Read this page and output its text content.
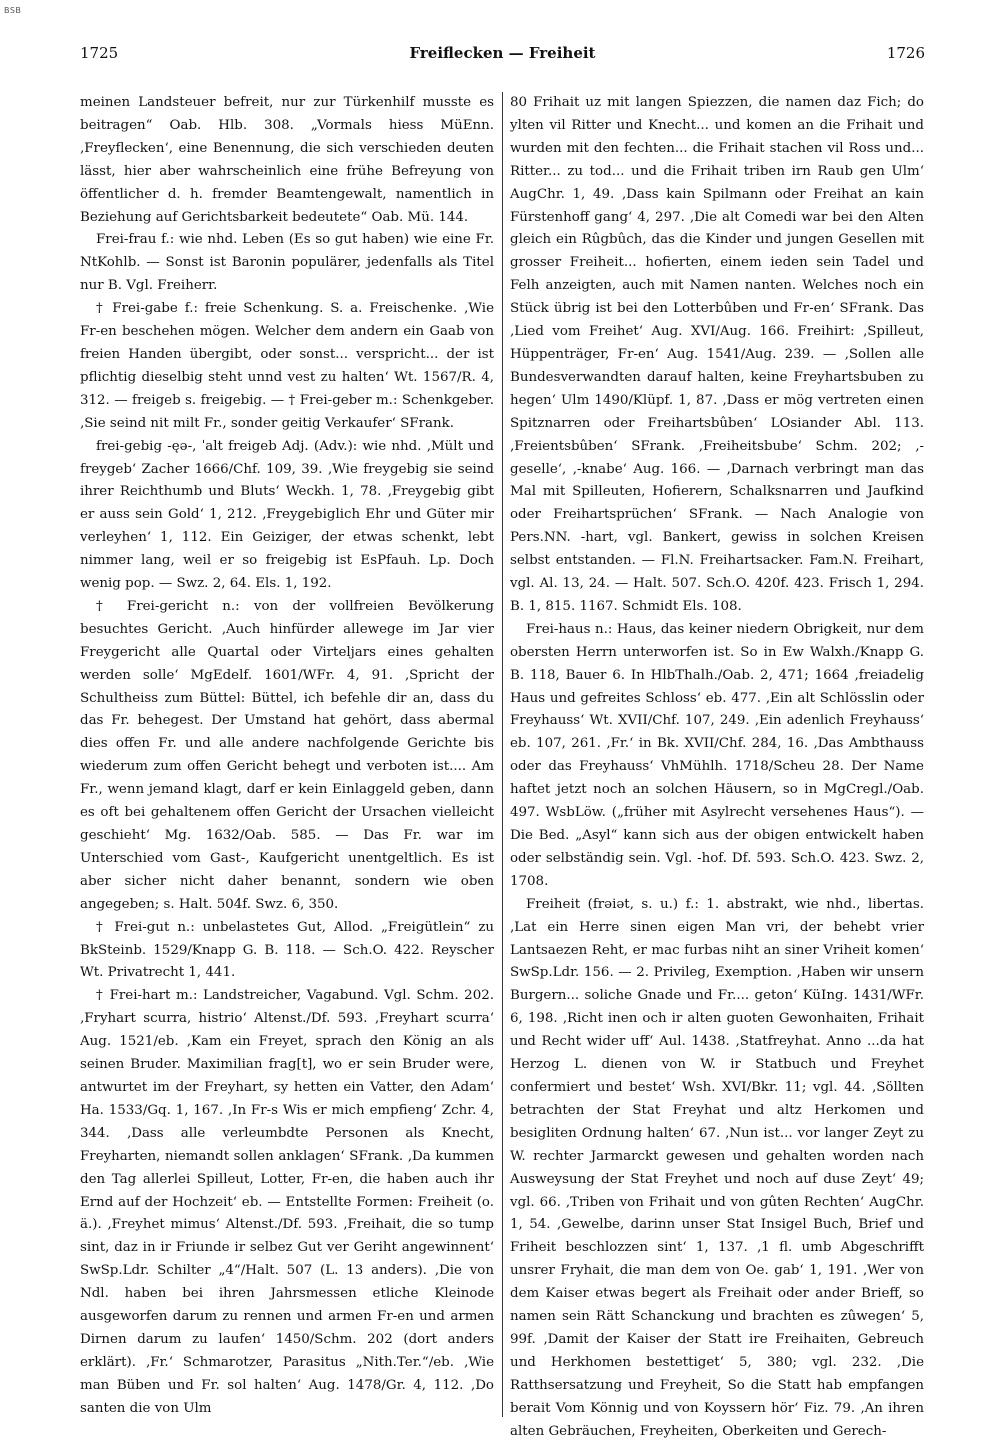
BSB
1725	Freiflecken — Freiheit	1726

meinen Landsteuer befreit, nur zur Türkenhilf musste es beitragen“ Oab. Hlb. 308. „Vormals hiess MüEnn. ‚Freyflecken‘, eine Benennung, die sich verschieden deuten lässt, hier aber wahrscheinlich eine frühe Befreyung von öffentlicher d. h. fremder Beamtengewalt, namentlich in Beziehung auf Gerichtsbarkeit bedeutete“ Oab. Mü. 144.

Frei-frau f.: wie nhd. Leben (Es so gut haben) wie eine Fr. NtKohlb. — Sonst ist Baronin populärer, jedenfalls als Titel nur B. Vgl. Freiherr.

† Frei-gabe f.: freie Schenkung. S. a. Freischenke. ‚Wie Fr-en beschehen mögen. Welcher dem andern ein Gaab von freien Handen übergibt, oder sonst... verspricht... der ist pflichtig dieselbig steht unnd vest zu halten‘ Wt. 1567/R. 4, 312. — freigeb s. freigebig. — † Frei-geber m.: Schenkgeber. ‚Sie seind nit milt Fr., sonder geitig Verkaufer‘ SFrank.

frei-gebig -ęə-, ˈalt freigeb Adj. (Adv.): wie nhd. ‚Mült und freygeb‘ Zacher 1666/Chf. 109, 39. ‚Wie freygebig sie seind ihrer Reichthumb und Bluts‘ Weckh. 1, 78. ‚Freygebig gibt er auss sein Gold‘ 1, 212. ‚Freygebiglich Ehr und Güter mir verleyhen‘ 1, 112. Ein Geiziger, der etwas schenkt, lebt nimmer lang, weil er so freigebig ist EsPfauh. Lp. Doch wenig pop. — Swz. 2, 64. Els. 1, 192.

† Frei-gericht n.: von der vollfreien Bevölkerung besuchtes Gericht. ‚Auch hinfürder allewege im Jar vier Freygericht alle Quartal oder Virteljars eines gehalten werden solle‘ MgEdelf. 1601/WFr. 4, 91. ‚Spricht der Schultheiss zum Büttel: Büttel, ich befehle dir an, dass du das Fr. behegest. Der Umstand hat gehört, dass abermal dies offen Fr. und alle andere nachfolgende Gerichte bis wiederum zum offen Gericht behegt und verboten ist.... Am Fr., wenn jemand klagt, darf er kein Einlaggeld geben, dann es oft bei gehaltenem offen Gericht der Ursachen vielleicht geschieht‘ Mg. 1632/Oab. 585. — Das Fr. war im Unterschied vom Gast-, Kaufgericht unentgeltlich. Es ist aber sicher nicht daher benannt, sondern wie oben angegeben; s. Halt. 504f. Swz. 6, 350.

† Frei-gut n.: unbelastetes Gut, Allod. „Freigütlein“ zu BkSteinb. 1529/Knapp G. B. 118. — Sch.O. 422. Reyscher Wt. Privatrecht 1, 441.

† Frei-hart m.: Landstreicher, Vagabund. Vgl. Schm. 202. ‚Fryhart scurra, histrio‘ Altenst./Df. 593. ‚Freyhart scurra‘ Aug. 1521/eb. ‚Kam ein Freyet, sprach den König an als seinen Bruder. Maximilian frag[t], wo er sein Bruder were, antwurtet im der Freyhart, sy hetten ein Vatter, den Adam‘ Ha. 1533/Gq. 1, 167. ‚In Fr-s Wis er mich empfieng‘ Zchr. 4, 344. ‚Dass alle verleumbdte Personen als Knecht, Freyharten, niemandt sollen anklagen‘ SFrank. ‚Da kummen den Tag allerlei Spilleut, Lotter, Fr-en, die haben auch ihr Ernd auf der Hochzeit‘ eb. — Entstellte Formen: Freiheit (o. ä.). ‚Freyhet mimus‘ Altenst./Df. 593. ‚Freihait, die so tump sint, daz in ir Friunde ir selbez Gut ver Geriht angewinnent‘ SwSp.Ldr. Schilter „4“/Halt. 507 (L. 13 anders). ‚Die von Ndl. haben bei ihren Jahrsmessen etliche Kleinode ausgeworfen darum zu rennen und armen Fr-en und armen Dirnen darum zu laufen‘ 1450/Schm. 202 (dort anders erklärt). ‚Fr.‘ Schmarotzer, Parasitus „Nith.Ter.“/eb. ‚Wie man Büben und Fr. sol halten‘ Aug. 1478/Gr. 4, 112. ‚Do santen die von Ulm

80 Frihait uz mit langen Spiezzen, die namen daz Fich; do ylten vil Ritter und Knecht... und komen an die Frihait und wurden mit den fechten... die Frihait stachen vil Ross und... Ritter... zu tod... und die Frihait triben irn Raub gen Ulm‘ AugChr. 1, 49. ‚Dass kain Spilmann oder Freihat an kain Fürstenhoff gang‘ 4, 297. ‚Die alt Comedi war bei den Alten gleich ein Rûgbûch, das die Kinder und jungen Gesellen mit grosser Freiheit... hofierten, einem ieden sein Tadel und Felh anzeigten, auch mit Namen nanten. Welches noch ein Stück übrig ist bei den Lotterbûben und Fr-en‘ SFrank. Das ‚Lied vom Freihet‘ Aug. XVI/Aug. 166. Freihirt: ‚Spilleut, Hüppenträger, Fr-en‘ Aug. 1541/Aug. 239. — ‚Sollen alle Bundesverwandten darauf halten, keine Freyhartsbuben zu hegen‘ Ulm 1490/Klüpf. 1, 87. ‚Dass er mög vertreten einen Spitznarren oder Freihartsbûben‘ LOsiander Abl. 113. ‚Freientsbûben‘ SFrank. ‚Freiheitsbube‘ Schm. 202; ‚-geselle‘, ‚-knabe‘ Aug. 166. — ‚Darnach verbringt man das Mal mit Spilleuten, Hofierern, Schalksnarren und Jaufkind oder Freihartsprüchen‘ SFrank. — Nach Analogie von Pers.NN. -hart, vgl. Bankert, gewiss in solchen Kreisen selbst entstanden. — Fl.N. Freihartsacker. Fam.N. Freihart, vgl. Al. 13, 24. — Halt. 507. Sch.O. 420f. 423. Frisch 1, 294. B. 1, 815. 1167. Schmidt Els. 108.

Frei-haus n.: Haus, das keiner niedern Obrigkeit, nur dem obersten Herrn unterworfen ist. So in Ew Walxh./Knapp G. B. 118, Bauer 6. In HlbThalh./Oab. 2, 471; 1664 ‚freiadelig Haus und gefreites Schloss‘ eb. 477. ‚Ein alt Schlösslin oder Freyhauss‘ Wt. XVII/Chf. 107, 249. ‚Ein adenlich Freyhauss‘ eb. 107, 261. ‚Fr.‘ in Bk. XVII/Chf. 284, 16. ‚Das Ambthauss oder das Freyhauss‘ VhMühlh. 1718/Scheu 28. Der Name haftet jetzt noch an solchen Häusern, so in MgCregl./Oab. 497. WsbLöw. („früher mit Asylrecht versehenes Haus“). — Die Bed. „Asyl“ kann sich aus der obigen entwickelt haben oder selbständig sein. Vgl. -hof. Df. 593. Sch.O. 423. Swz. 2, 1708.

Freiheit (frəiət, s. u.) f.: 1. abstrakt, wie nhd., libertas. ‚Lat ein Herre sinen eigen Man vri, der behebt vrier Lantsaezen Reht, er mac furbas niht an siner Vriheit komen‘ SwSp.Ldr. 156. — 2. Privileg, Exemption. ‚Haben wir unsern Burgern... soliche Gnade und Fr.... geton‘ KüIng. 1431/WFr. 6, 198. ‚Richt inen och ir alten guoten Gewonhaiten, Frihait und Recht wider uff‘ Aul. 1438. ‚Statfreyhat. Anno ...da hat Herzog L. dienen von W. ir Statbuch und Freyhet confermiert und bestet‘ Wsh. XVI/Bkr. 11; vgl. 44. ‚Söllten betrachten der Stat Freyhat und altz Herkomen und besigliten Ordnung halten‘ 67. ‚Nun ist... vor langer Zeyt zu W. rechter Jarmarckt gewesen und gehalten worden nach Ausweysung der Stat Freyhet und noch auf duse Zeyt‘ 49; vgl. 66. ‚Triben von Frihait und von gûten Rechten‘ AugChr. 1, 54. ‚Gewelbe, darinn unser Stat Insigel Buch, Brief und Friheit beschlozzen sint‘ 1, 137. ‚1 fl. umb Abgeschrifft unsrer Fryhait, die man dem von Oe. gab‘ 1, 191. ‚Wer von dem Kaiser etwas begert als Freihait oder ander Brieff, so namen sein Rätt Schanckung und brachten es zûwegen‘ 5, 99f. ‚Damit der Kaiser der Statt ire Freihaiten, Gebreuch und Herkhomen bestettiget‘ 5, 380; vgl. 232. ‚Die Ratthsersatzung und Freyheit, So die Statt hab empfangen berait Vom Könnig und von Koyssern hör‘ Fiz. 79. ‚An ihren alten Gebräuchen, Freyheiten, Oberkeiten und Gerech-
